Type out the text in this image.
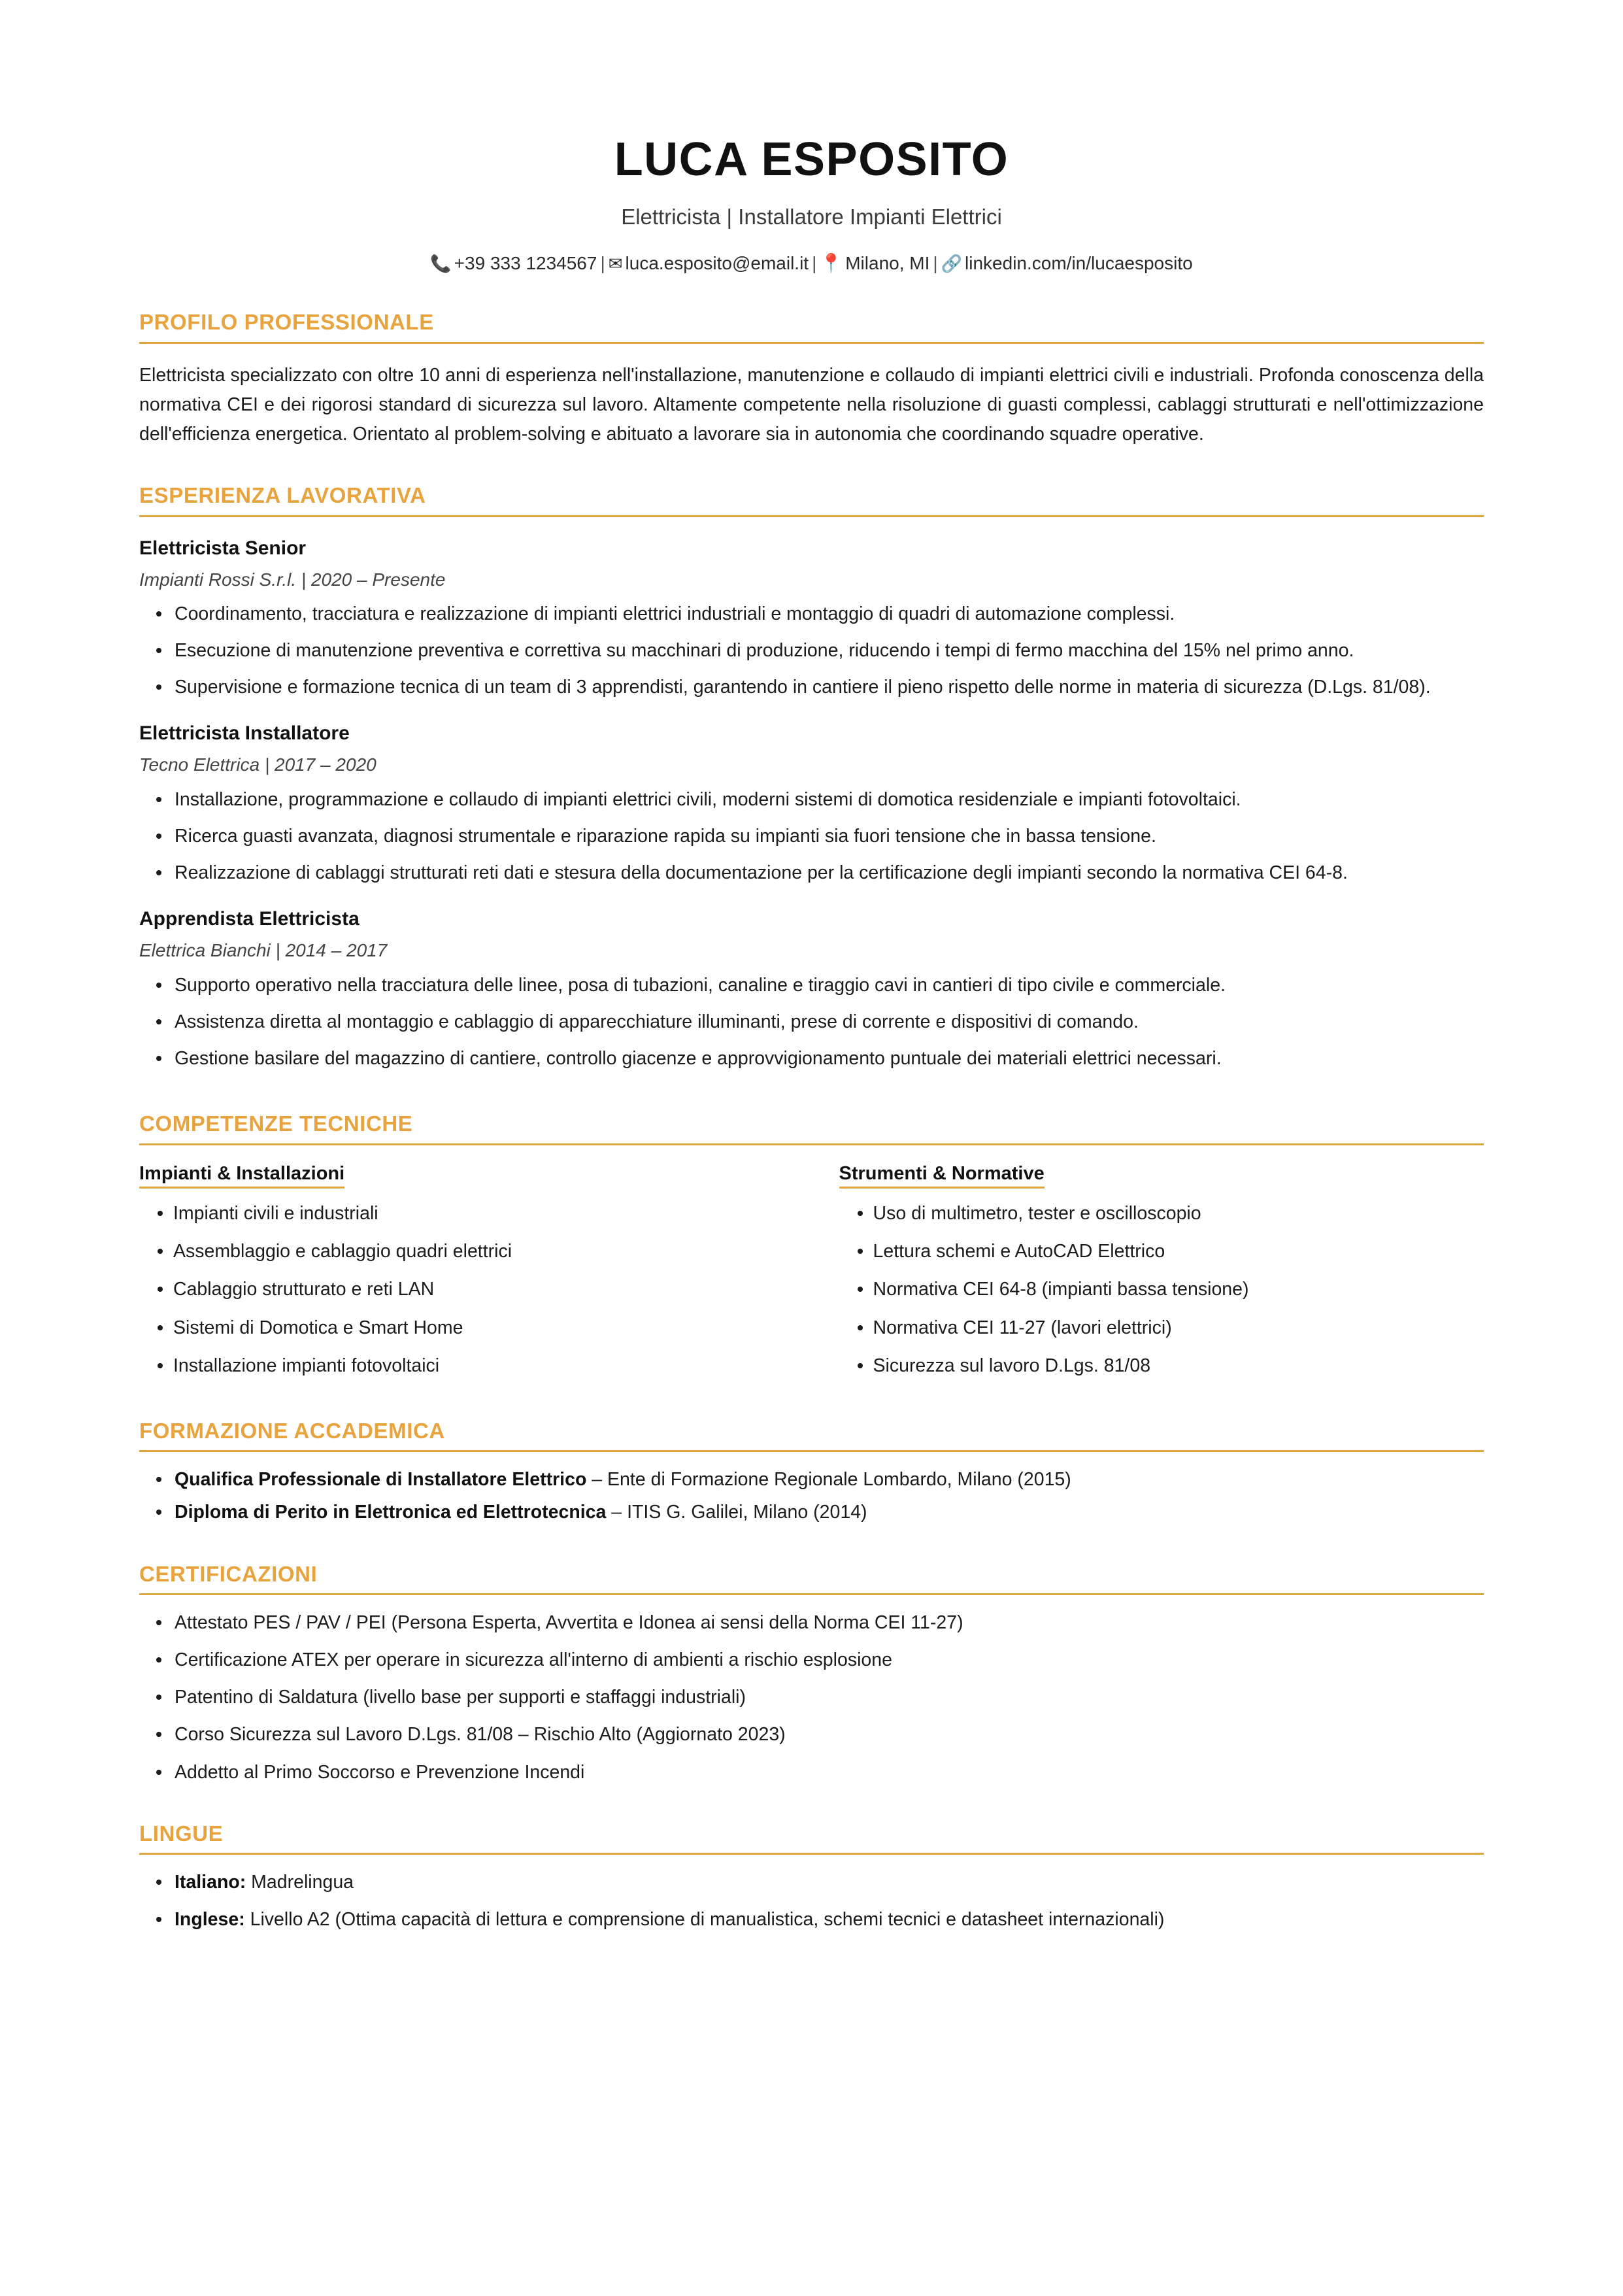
LUCA ESPOSITO
Elettricista | Installatore Impianti Elettrici
📞 +39 333 1234567 | ✉ luca.esposito@email.it | 📍 Milano, MI | 🔗 linkedin.com/in/lucaesposito
PROFILO PROFESSIONALE
Elettricista specializzato con oltre 10 anni di esperienza nell'installazione, manutenzione e collaudo di impianti elettrici civili e industriali. Profonda conoscenza della normativa CEI e dei rigorosi standard di sicurezza sul lavoro. Altamente competente nella risoluzione di guasti complessi, cablaggi strutturati e nell'ottimizzazione dell'efficienza energetica. Orientato al problem-solving e abituato a lavorare sia in autonomia che coordinando squadre operative.
ESPERIENZA LAVORATIVA
Elettricista Senior
Impianti Rossi S.r.l. | 2020 – Presente
Coordinamento, tracciatura e realizzazione di impianti elettrici industriali e montaggio di quadri di automazione complessi.
Esecuzione di manutenzione preventiva e correttiva su macchinari di produzione, riducendo i tempi di fermo macchina del 15% nel primo anno.
Supervisione e formazione tecnica di un team di 3 apprendisti, garantendo in cantiere il pieno rispetto delle norme in materia di sicurezza (D.Lgs. 81/08).
Elettricista Installatore
Tecno Elettrica | 2017 – 2020
Installazione, programmazione e collaudo di impianti elettrici civili, moderni sistemi di domotica residenziale e impianti fotovoltaici.
Ricerca guasti avanzata, diagnosi strumentale e riparazione rapida su impianti sia fuori tensione che in bassa tensione.
Realizzazione di cablaggi strutturati reti dati e stesura della documentazione per la certificazione degli impianti secondo la normativa CEI 64-8.
Apprendista Elettricista
Elettrica Bianchi | 2014 – 2017
Supporto operativo nella tracciatura delle linee, posa di tubazioni, canaline e tiraggio cavi in cantieri di tipo civile e commerciale.
Assistenza diretta al montaggio e cablaggio di apparecchiature illuminanti, prese di corrente e dispositivi di comando.
Gestione basilare del magazzino di cantiere, controllo giacenze e approvvigionamento puntuale dei materiali elettrici necessari.
COMPETENZE TECNICHE
Impianti & Installazioni
Impianti civili e industriali
Assemblaggio e cablaggio quadri elettrici
Cablaggio strutturato e reti LAN
Sistemi di Domotica e Smart Home
Installazione impianti fotovoltaici
Strumenti & Normative
Uso di multimetro, tester e oscilloscopio
Lettura schemi e AutoCAD Elettrico
Normativa CEI 64-8 (impianti bassa tensione)
Normativa CEI 11-27 (lavori elettrici)
Sicurezza sul lavoro D.Lgs. 81/08
FORMAZIONE ACCADEMICA
Qualifica Professionale di Installatore Elettrico – Ente di Formazione Regionale Lombardo, Milano (2015)
Diploma di Perito in Elettronica ed Elettrotecnica – ITIS G. Galilei, Milano (2014)
CERTIFICAZIONI
Attestato PES / PAV / PEI (Persona Esperta, Avvertita e Idonea ai sensi della Norma CEI 11-27)
Certificazione ATEX per operare in sicurezza all'interno di ambienti a rischio esplosione
Patentino di Saldatura (livello base per supporti e staffaggi industriali)
Corso Sicurezza sul Lavoro D.Lgs. 81/08 – Rischio Alto (Aggiornato 2023)
Addetto al Primo Soccorso e Prevenzione Incendi
LINGUE
Italiano: Madrelingua
Inglese: Livello A2 (Ottima capacità di lettura e comprensione di manualistica, schemi tecnici e datasheet internazionali)
